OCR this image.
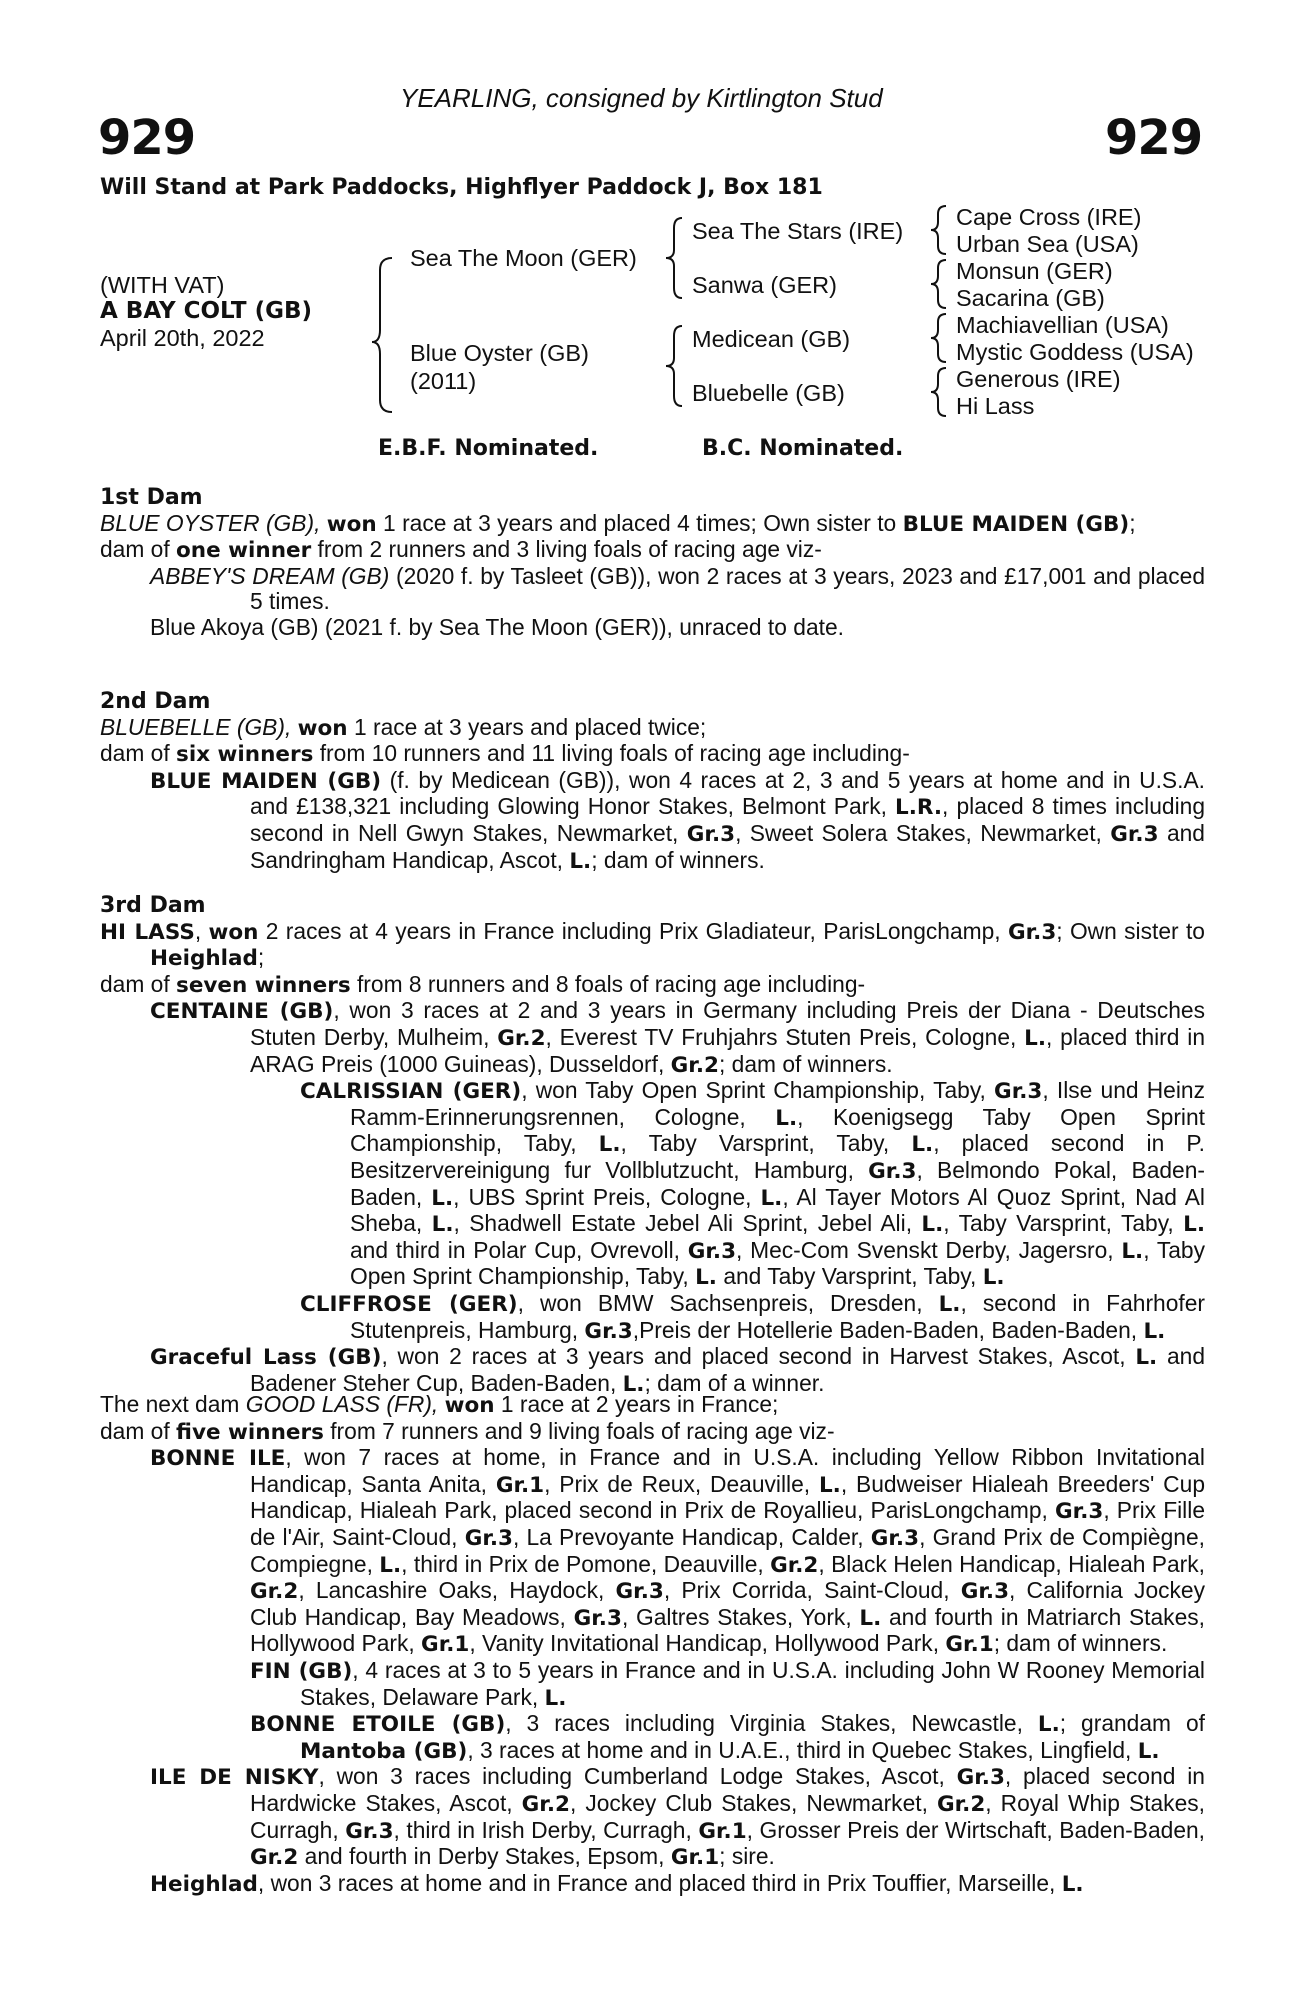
YEARLING, consigned by Kirtlington Stud
929	929
Will Stand at Park Paddocks, Highflyer Paddock J, Box 181
(WITH VAT)
A BAY COLT (GB)
April 20th, 2022
Sea The Moon (GER)
Blue Oyster (GB)
(2011)
Sea The Stars (IRE)
Sanwa (GER)
Medicean (GB)
Bluebelle (GB)
Cape Cross (IRE)
Urban Sea (USA)
Monsun (GER)
Sacarina (GB)
Machiavellian (USA)
Mystic Goddess (USA)
Generous (IRE)
Hi Lass
E.B.F. Nominated.	B.C. Nominated.
1st Dam
BLUE OYSTER (GB), won 1 race at 3 years and placed 4 times; Own sister to BLUE MAIDEN (GB);
dam of one winner from 2 runners and 3 living foals of racing age viz-
ABBEY'S DREAM (GB) (2020 f. by Tasleet (GB)), won 2 races at 3 years, 2023 and £17,001 and placed 5 times.
Blue Akoya (GB) (2021 f. by Sea The Moon (GER)), unraced to date.
2nd Dam
BLUEBELLE (GB), won 1 race at 3 years and placed twice;
dam of six winners from 10 runners and 11 living foals of racing age including-
BLUE MAIDEN (GB) (f. by Medicean (GB)), won 4 races at 2, 3 and 5 years at home and in U.S.A. and £138,321 including Glowing Honor Stakes, Belmont Park, L.R., placed 8 times including second in Nell Gwyn Stakes, Newmarket, Gr.3, Sweet Solera Stakes, Newmarket, Gr.3 and Sandringham Handicap, Ascot, L.; dam of winners.
3rd Dam
HI LASS, won 2 races at 4 years in France including Prix Gladiateur, ParisLongchamp, Gr.3; Own sister to Heighlad;
dam of seven winners from 8 runners and 8 foals of racing age including-
CENTAINE (GB), won 3 races at 2 and 3 years in Germany including Preis der Diana - Deutsches Stuten Derby, Mulheim, Gr.2, Everest TV Fruhjahrs Stuten Preis, Cologne, L., placed third in ARAG Preis (1000 Guineas), Dusseldorf, Gr.2; dam of winners.
CALRISSIAN (GER), won Taby Open Sprint Championship, Taby, Gr.3, Ilse und Heinz Ramm-Erinnerungsrennen, Cologne, L., Koenigsegg Taby Open Sprint Championship, Taby, L., Taby Varsprint, Taby, L., placed second in P. Besitzervereinigung fur Vollblutzucht, Hamburg, Gr.3, Belmondo Pokal, Baden-Baden, L., UBS Sprint Preis, Cologne, L., Al Tayer Motors Al Quoz Sprint, Nad Al Sheba, L., Shadwell Estate Jebel Ali Sprint, Jebel Ali, L., Taby Varsprint, Taby, L. and third in Polar Cup, Ovrevoll, Gr.3, Mec-Com Svenskt Derby, Jagersro, L., Taby Open Sprint Championship, Taby, L. and Taby Varsprint, Taby, L.
CLIFFROSE (GER), won BMW Sachsenpreis, Dresden, L., second in Fahrhofer Stutenpreis, Hamburg, Gr.3,Preis der Hotellerie Baden-Baden, Baden-Baden, L.
Graceful Lass (GB), won 2 races at 3 years and placed second in Harvest Stakes, Ascot, L. and Badener Steher Cup, Baden-Baden, L.; dam of a winner.
The next dam GOOD LASS (FR), won 1 race at 2 years in France;
dam of five winners from 7 runners and 9 living foals of racing age viz-
BONNE ILE, won 7 races at home, in France and in U.S.A. including Yellow Ribbon Invitational Handicap, Santa Anita, Gr.1, Prix de Reux, Deauville, L., Budweiser Hialeah Breeders' Cup Handicap, Hialeah Park, placed second in Prix de Royallieu, ParisLongchamp, Gr.3, Prix Fille de l'Air, Saint-Cloud, Gr.3, La Prevoyante Handicap, Calder, Gr.3, Grand Prix de Compiègne, Compiegne, L., third in Prix de Pomone, Deauville, Gr.2, Black Helen Handicap, Hialeah Park, Gr.2, Lancashire Oaks, Haydock, Gr.3, Prix Corrida, Saint-Cloud, Gr.3, California Jockey Club Handicap, Bay Meadows, Gr.3, Galtres Stakes, York, L. and fourth in Matriarch Stakes, Hollywood Park, Gr.1, Vanity Invitational Handicap, Hollywood Park, Gr.1; dam of winners.
FIN (GB), 4 races at 3 to 5 years in France and in U.S.A. including John W Rooney Memorial Stakes, Delaware Park, L.
BONNE ETOILE (GB), 3 races including Virginia Stakes, Newcastle, L.; grandam of Mantoba (GB), 3 races at home and in U.A.E., third in Quebec Stakes, Lingfield, L.
ILE DE NISKY, won 3 races including Cumberland Lodge Stakes, Ascot, Gr.3, placed second in Hardwicke Stakes, Ascot, Gr.2, Jockey Club Stakes, Newmarket, Gr.2, Royal Whip Stakes, Curragh, Gr.3, third in Irish Derby, Curragh, Gr.1, Grosser Preis der Wirtschaft, Baden-Baden, Gr.2 and fourth in Derby Stakes, Epsom, Gr.1; sire.
Heighlad, won 3 races at home and in France and placed third in Prix Touffier, Marseille, L.
